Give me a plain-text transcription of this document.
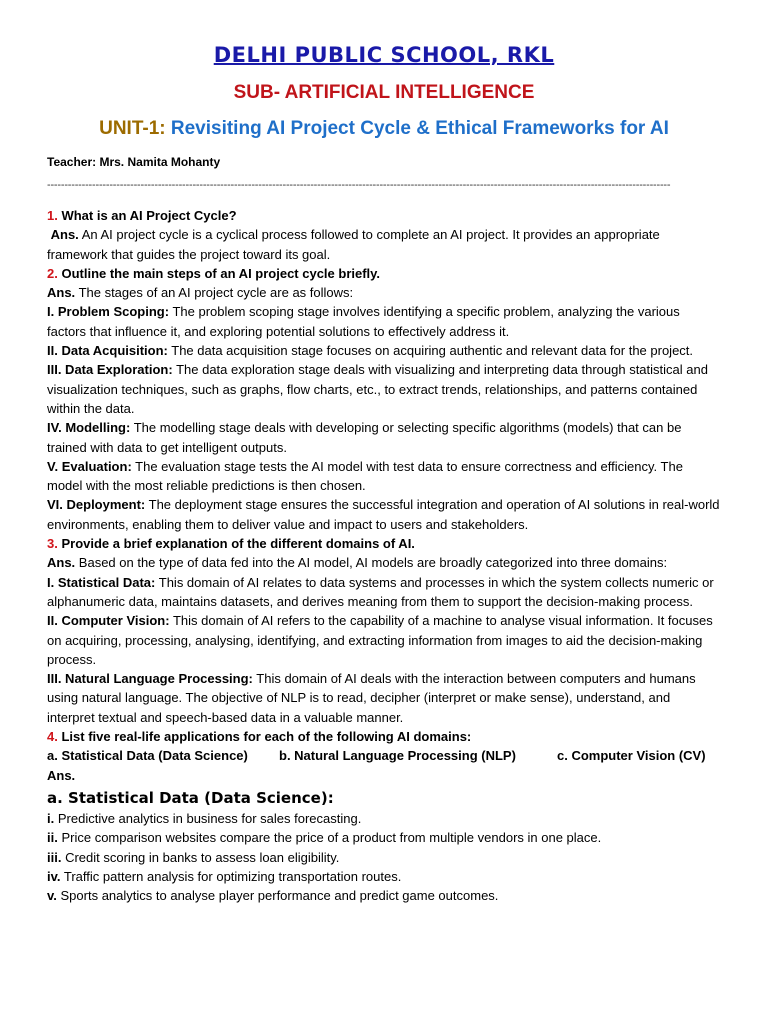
DELHI PUBLIC SCHOOL, RKL
SUB- ARTIFICIAL INTELLIGENCE
UNIT-1: Revisiting AI Project Cycle & Ethical Frameworks for AI
Teacher: Mrs. Namita Mohanty
------------------------------------------------------------------------------------------------------------------------------------------------------------------------------------

1. What is an AI Project Cycle?

Ans. An AI project cycle is a cyclical process followed to complete an AI project. It provides an appropriate framework that guides the project toward its goal.

2. Outline the main steps of an AI project cycle briefly.

Ans. The stages of an AI project cycle are as follows:

I. Problem Scoping: The problem scoping stage involves identifying a specific problem, analyzing the various factors that influence it, and exploring potential solutions to effectively address it.

II. Data Acquisition: The data acquisition stage focuses on acquiring authentic and relevant data for the project.

III. Data Exploration: The data exploration stage deals with visualizing and interpreting data through statistical and visualization techniques, such as graphs, flow charts, etc., to extract trends, relationships, and patterns contained within the data.

IV. Modelling: The modelling stage deals with developing or selecting specific algorithms (models) that can be trained with data to get intelligent outputs.

V. Evaluation: The evaluation stage tests the AI model with test data to ensure correctness and efficiency. The model with the most reliable predictions is then chosen.

VI. Deployment: The deployment stage ensures the successful integration and operation of AI solutions in real-world environments, enabling them to deliver value and impact to users and stakeholders.

3. Provide a brief explanation of the different domains of AI.

Ans. Based on the type of data fed into the AI model, AI models are broadly categorized into three domains:

I. Statistical Data: This domain of AI relates to data systems and processes in which the system collects numeric or alphanumeric data, maintains datasets, and derives meaning from them to support the decision-making process.

II. Computer Vision: This domain of AI refers to the capability of a machine to analyse visual information. It focuses on acquiring, processing, analysing, identifying, and extracting information from images to aid the decision-making process.

III. Natural Language Processing: This domain of AI deals with the interaction between computers and humans using natural language. The objective of NLP is to read, decipher (interpret or make sense), understand, and interpret textual and speech-based data in a valuable manner.

4. List five real-life applications for each of the following AI domains:

a. Statistical Data (Data Science)	b. Natural Language Processing (NLP)	c. Computer Vision (CV)

Ans.

a. Statistical Data (Data Science):

i. Predictive analytics in business for sales forecasting.

ii. Price comparison websites compare the price of a product from multiple vendors in one place.

iii. Credit scoring in banks to assess loan eligibility.

iv. Traffic pattern analysis for optimizing transportation routes.

v. Sports analytics to analyse player performance and predict game outcomes.
